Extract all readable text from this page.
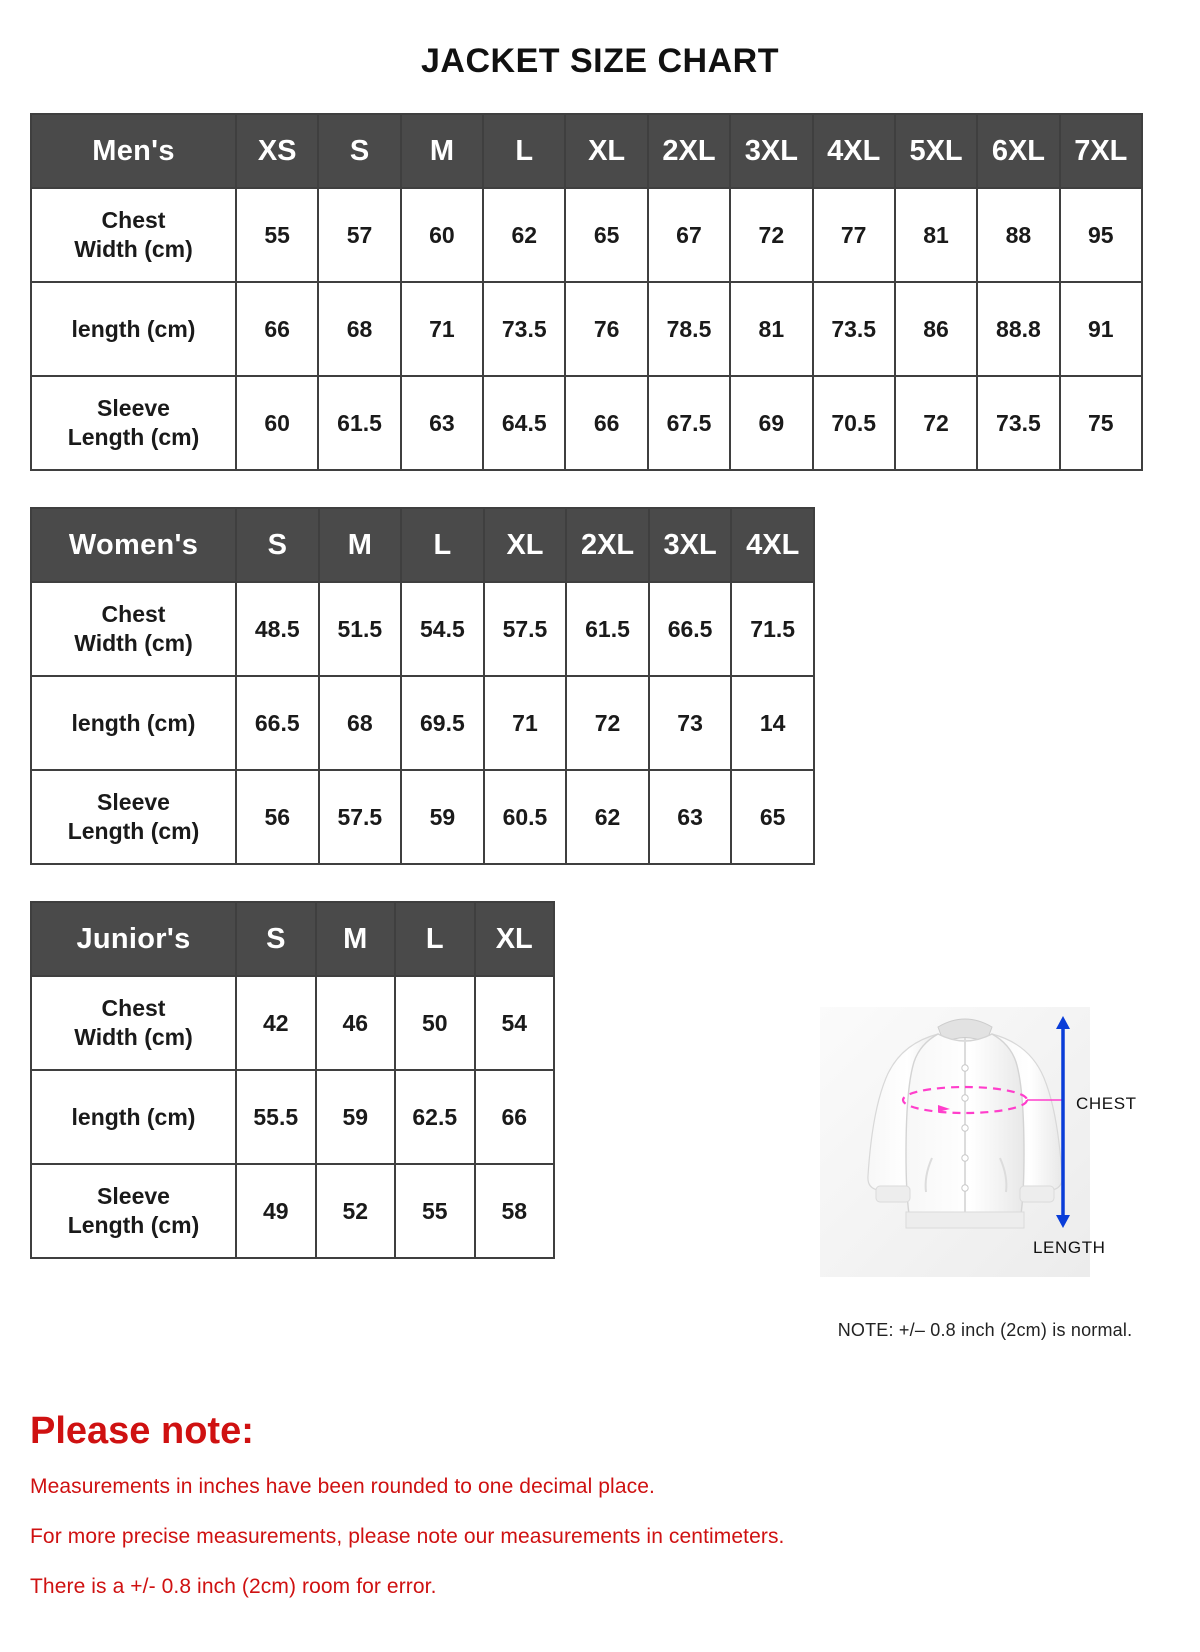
JACKET SIZE CHART
Men's	XS	S	M	L	XL	2XL	3XL	4XL	5XL	6XL	7XL

Chest
Width (cm)	55	57	60	62	65	67	72	77	81	88	95

length (cm)	66	68	71	73.5	76	78.5	81	73.5	86	88.8	91

Sleeve
Length (cm)	60	61.5	63	64.5	66	67.5	69	70.5	72	73.5	75
Women's	S	M	L	XL	2XL	3XL	4XL

Chest
Width (cm)	48.5	51.5	54.5	57.5	61.5	66.5	71.5

length (cm)	66.5	68	69.5	71	72	73	14

Sleeve
Length (cm)	56	57.5	59	60.5	62	63	65
Junior's	S	M	L	XL

Chest
Width (cm)	42	46	50	54

length (cm)	55.5	59	62.5	66

Sleeve
Length (cm)	49	52	55	58
CHEST
LENGTH
NOTE: +/– 0.8 inch (2cm) is normal.
Please note:

Measurements in inches have been rounded to one decimal place.

For more precise measurements, please note our measurements in centimeters.

There is a +/- 0.8 inch (2cm) room for error.
